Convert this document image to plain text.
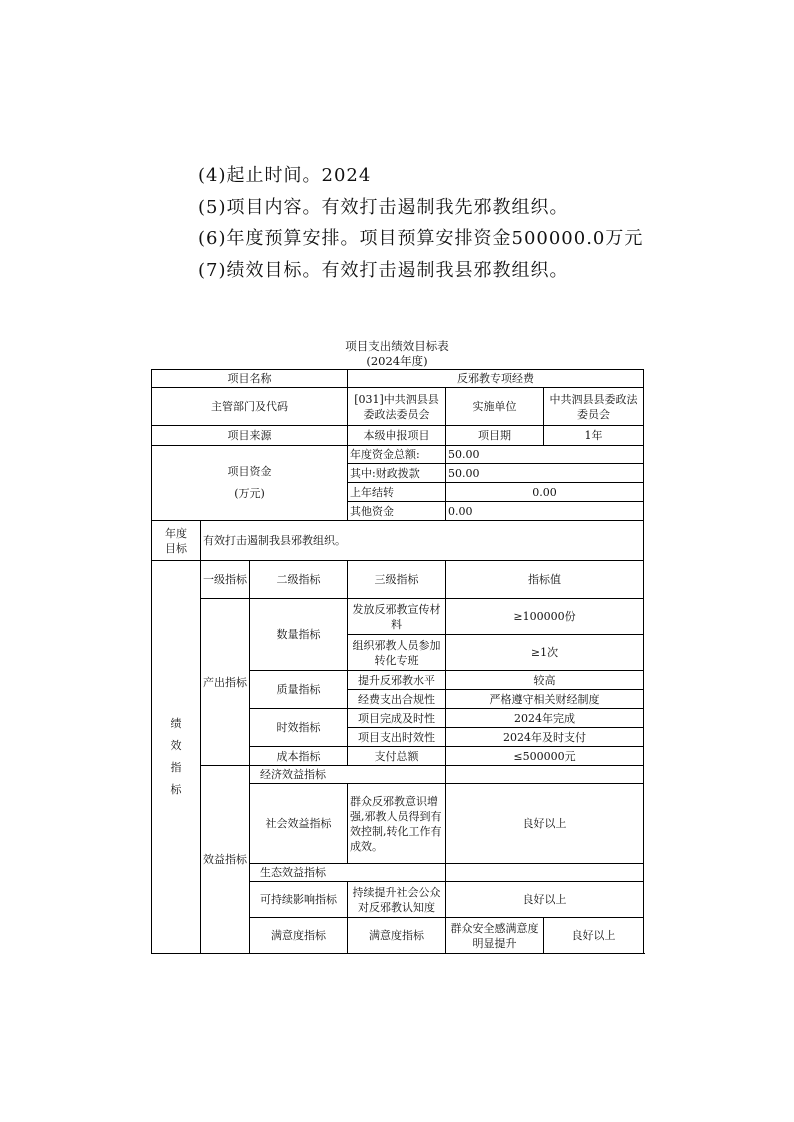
(4)起止时间。2024

(5)项目内容。有效打击遏制我先邪教组织。

(6)年度预算安排。项目预算安排资金500000.0万元

(7)绩效目标。有效打击遏制我县邪教组织。

项目支出绩效目标表
(2024年度)
项目名称			反邪教专项经费		
主管部门及代码			[031]中共泗县县委政法委员会	实施单位	中共泗县县委政法委员会
项目来源			本级申报项目	项目期	1年
项目资金
(万元)			年度资金总额:	50.00	
			其中:财政拨款	50.00	
			上年结转	0.00	
			其他资金	0.00	
年度
目标	有效打击遏制我县邪教组织。				
绩
效
指
标	一级指标	二级指标	三级指标	指标值	
	产出指标	数量指标	发放反邪教宣传材料	≥100000份	
			组织邪教人员参加转化专班	≥1次	
		质量指标	提升反邪教水平	较高	
			经费支出合规性	严格遵守相关财经制度	
		时效指标	项目完成及时性	2024年完成	
			项目支出时效性	2024年及时支付	
		成本指标	支付总额	≤500000元	
	效益指标	经济效益指标			
		社会效益指标	群众反邪教意识增强,邪教人员得到有效控制,转化工作有成效。	良好以上	
		生态效益指标			
		可持续影响指标	持续提升社会公众对反邪教认知度	良好以上	
		满意度指标	满意度指标	群众安全感满意度明显提升	良好以上
